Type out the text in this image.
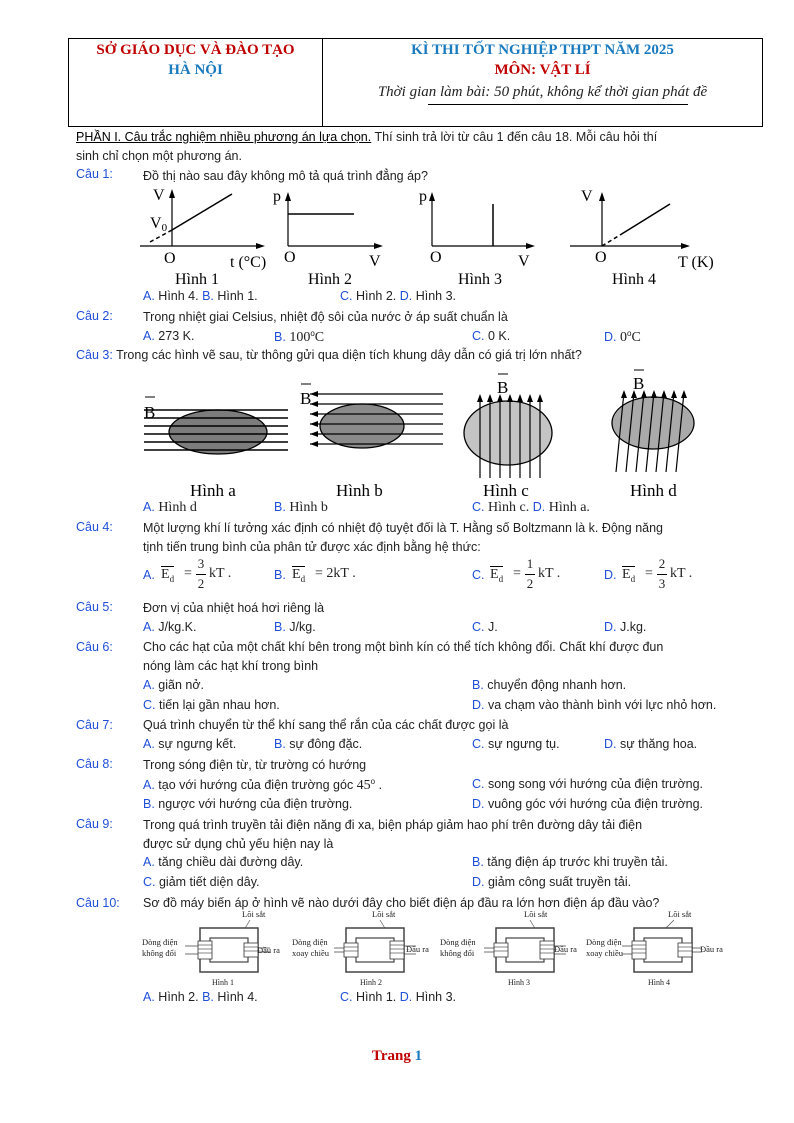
SỞ GIÁO DỤC VÀ ĐÀO TẠO
HÀ NỘI
KÌ THI TỐT NGHIỆP THPT NĂM 2025
MÔN: VẬT LÍ
Thời gian làm bài: 50 phút, không kể thời gian phát đề
PHẦN I. Câu trắc nghiệm nhiều phương án lựa chọn. Thí sinh trả lời từ câu 1 đến câu 18. Mỗi câu hỏi thí
sinh chỉ chọn một phương án.
Câu 1: Đồ thị nào sau đây không mô tả quá trình đẳng áp?
V
V0
O	t (°C)
Hình 1
p
O	V
Hình 2
p
O	V
Hình 3
V
O	T (K)
Hình 4
A. Hình 4. B. Hình 1.	C. Hình 2. D. Hình 3.
Câu 2: Trong nhiệt giai Celsius, nhiệt độ sôi của nước ở áp suất chuẩn là
A. 273 K.	B. 100$^o$C	C. 0 K.	D. 0$^o$C
Câu 3: Trong các hình vẽ sau, từ thông gửi qua diện tích khung dây dẫn có giá trị lớn nhất?
B
Hình a
B
Hình b
B
Hình c
B
Hình d
A. Hình d	B. Hình b	C. Hình c. D. Hình a.
Câu 4: Một lượng khí lí tưởng xác định có nhiệt độ tuyệt đối là T. Hằng số Boltzmann là k. Động năng
tịnh tiến trung bình của phân tử được xác định bằng hệ thức:
A. $E_d$ =
3
2
kT .	B. $E_d = 2kT$ .	C. $E_d$ =
1
2
kT .	D. $E_d$ =
2
3
kT .
Câu 5: Đơn vị của nhiệt hoá hơi riêng là
A. J/kg.K.	B. J/kg.	C. J.	D. J.kg.
Câu 6: Cho các hạt của một chất khí bên trong một bình kín có thể tích không đổi. Chất khí được đun
nóng làm các hạt khí trong bình
A. giãn nở.	B. chuyển động nhanh hơn.
C. tiến lại gần nhau hơn.	D. va chạm vào thành bình với lực nhỏ hơn.
Câu 7: Quá trình chuyển từ thể khí sang thể rắn của các chất được gọi là
A. sự ngưng kết.	B. sự đông đặc.	C. sự ngưng tụ.	D. sự thăng hoa.
Câu 8: Trong sóng điện từ, từ trường có hướng
A. tạo với hướng của điện trường góc 45$^o$ .	C. song song với hướng của điện trường.
B. ngược với hướng của điện trường.	D. vuông góc với hướng của điện trường.
Câu 9: Trong quá trình truyền tải điện năng đi xa, biện pháp giảm hao phí trên đường dây tải điện
được sử dụng chủ yếu hiện nay là
A. tăng chiều dài đường dây.	B. tăng điện áp trước khi truyền tải.
C. giảm tiết diện dây.	D. giảm công suất truyền tải.
Câu 10: Sơ đồ máy biến áp ở hình vẽ nào dưới đây cho biết điện áp đầu ra lớn hơn điện áp đầu vào?
Lõi sắt
Dòng điện
không đổi	Đầu ra
Hình 1
Lõi sắt
Dòng điện
xoay chiều	Đầu ra
Hình 2
Lõi sắt
Dòng điện
không đổi	Đầu ra
Hình 3
Lõi sắt
Dòng điện
xoay chiều	Đầu ra
Hình 4
A. Hình 2. B. Hình 4.	C. Hình 1. D. Hình 3.
Trang 1
